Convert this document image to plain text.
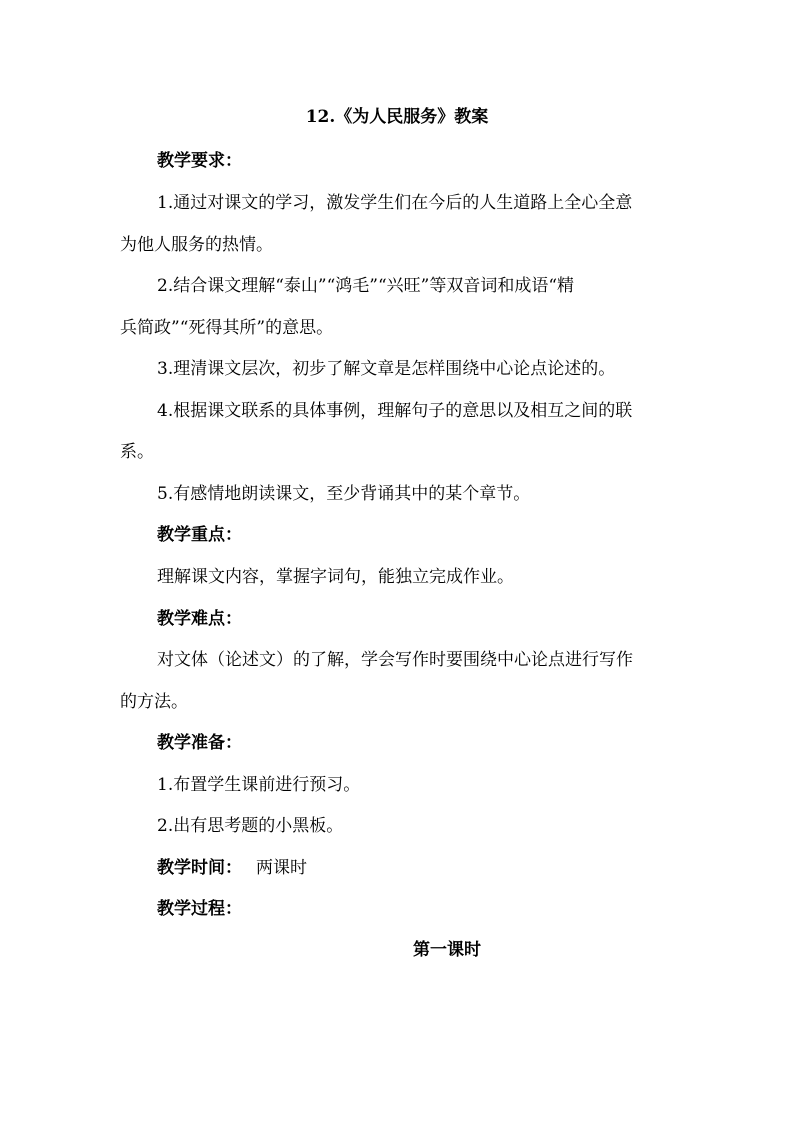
12.《为人民服务》教案
教学要求：
1.通过对课文的学习，激发学生们在今后的人生道路上全心全意
为他人服务的热情。
2.结合课文理解“泰山”“鸿毛”“兴旺”等双音词和成语“精
兵简政”“死得其所”的意思。
3.理清课文层次，初步了解文章是怎样围绕中心论点论述的。
4.根据课文联系的具体事例，理解句子的意思以及相互之间的联
系。
5.有感情地朗读课文，至少背诵其中的某个章节。
教学重点：
理解课文内容，掌握字词句，能独立完成作业。
教学难点：
对文体（论述文）的了解，学会写作时要围绕中心论点进行写作
的方法。
教学准备：
1.布置学生课前进行预习。
2.出有思考题的小黑板。
教学时间： 两课时
教学过程：
第一课时
